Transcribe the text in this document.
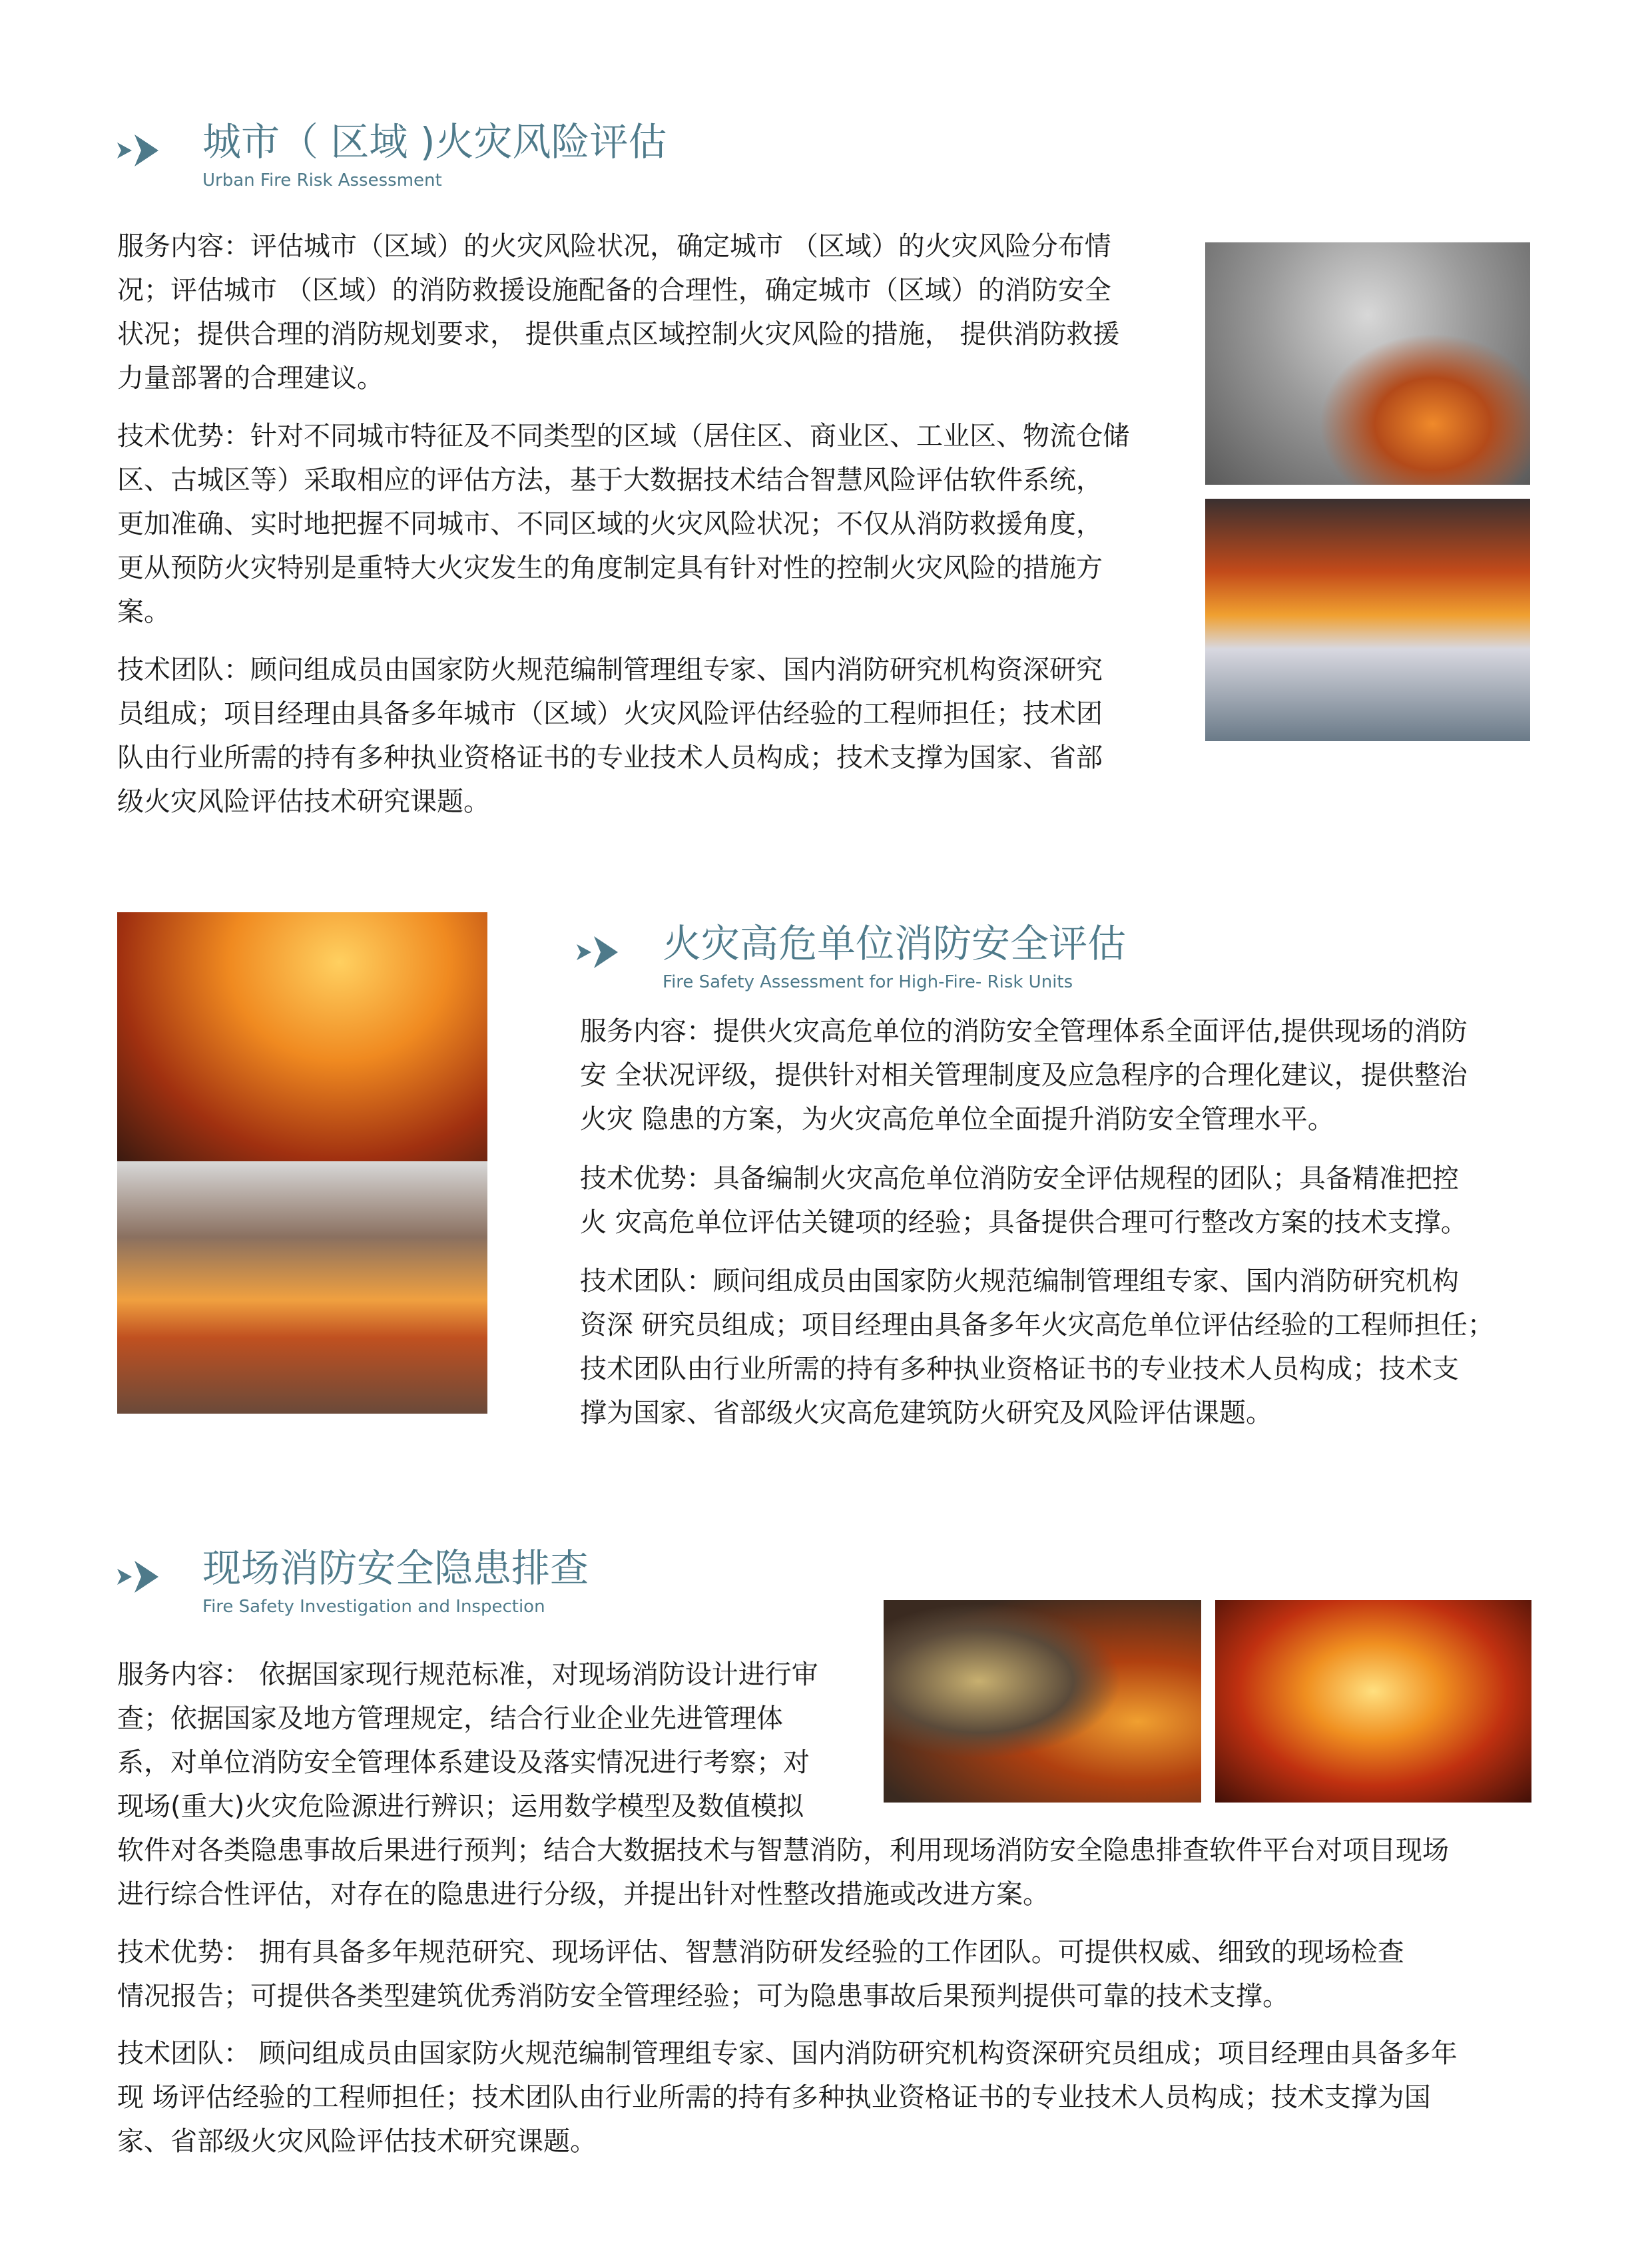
城市（ 区域 )火灾风险评估
Urban Fire Risk Assessment
服务内容：评估城市（区域）的火灾风险状况，确定城市 （区域）的火灾风险分布情
况；评估城市 （区域）的消防救援设施配备的合理性，确定城市（区域）的消防安全
状况；提供合理的消防规划要求， 提供重点区域控制火灾风险的措施， 提供消防救援
力量部署的合理建议。
技术优势：针对不同城市特征及不同类型的区域（居住区、商业区、工业区、物流仓储
区、古城区等）采取相应的评估方法，基于大数据技术结合智慧风险评估软件系统，
更加准确、实时地把握不同城市、不同区域的火灾风险状况；不仅从消防救援角度，
更从预防火灾特别是重特大火灾发生的角度制定具有针对性的控制火灾风险的措施方
案。
技术团队：顾问组成员由国家防火规范编制管理组专家、国内消防研究机构资深研究
员组成；项目经理由具备多年城市（区域）火灾风险评估经验的工程师担任；技术团
队由行业所需的持有多种执业资格证书的专业技术人员构成；技术支撑为国家、省部
级火灾风险评估技术研究课题。
火灾高危单位消防安全评估
Fire Safety Assessment for High-Fire- Risk Units
服务内容：提供火灾高危单位的消防安全管理体系全面评估,提供现场的消防
安 全状况评级，提供针对相关管理制度及应急程序的合理化建议，提供整治
火灾 隐患的方案，为火灾高危单位全面提升消防安全管理水平。
技术优势：具备编制火灾高危单位消防安全评估规程的团队；具备精准把控
火 灾高危单位评估关键项的经验；具备提供合理可行整改方案的技术支撑。
技术团队：顾问组成员由国家防火规范编制管理组专家、国内消防研究机构
资深 研究员组成；项目经理由具备多年火灾高危单位评估经验的工程师担任；
技术团队由行业所需的持有多种执业资格证书的专业技术人员构成；技术支
撑为国家、省部级火灾高危建筑防火研究及风险评估课题。
现场消防安全隐患排查
Fire Safety Investigation and Inspection
服务内容： 依据国家现行规范标准，对现场消防设计进行审
查；依据国家及地方管理规定，结合行业企业先进管理体
系，对单位消防安全管理体系建设及落实情况进行考察；对
现场(重大)火灾危险源进行辨识；运用数学模型及数值模拟
软件对各类隐患事故后果进行预判；结合大数据技术与智慧消防，利用现场消防安全隐患排查软件平台对项目现场
进行综合性评估，对存在的隐患进行分级，并提出针对性整改措施或改进方案。
技术优势： 拥有具备多年规范研究、现场评估、智慧消防研发经验的工作团队。可提供权威、细致的现场检查
情况报告；可提供各类型建筑优秀消防安全管理经验；可为隐患事故后果预判提供可靠的技术支撑。
技术团队： 顾问组成员由国家防火规范编制管理组专家、国内消防研究机构资深研究员组成；项目经理由具备多年
现 场评估经验的工程师担任；技术团队由行业所需的持有多种执业资格证书的专业技术人员构成；技术支撑为国
家、省部级火灾风险评估技术研究课题。
